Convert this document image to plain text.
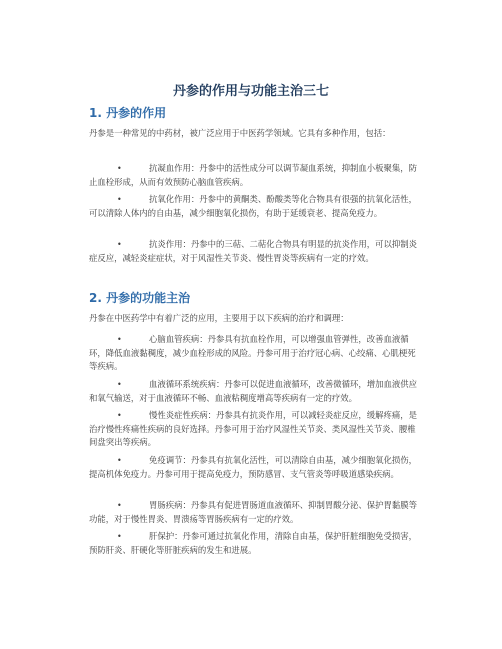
丹参的作用与功能主治三七
1. 丹参的作用

丹参是一种常见的中药材，被广泛应用于中医药学领域。它具有多种作用，包括：

•	抗凝血作用：丹参中的活性成分可以调节凝血系统，抑制血小板聚集，防止血栓形成，从而有效预防心脑血管疾病。
•	抗氧化作用：丹参中的黄酮类、酚酸类等化合物具有很强的抗氧化活性，可以清除人体内的自由基，减少细胞氧化损伤，有助于延缓衰老、提高免疫力。
•	抗炎作用：丹参中的三萜、二萜化合物具有明显的抗炎作用，可以抑制炎症反应，减轻炎症症状，对于风湿性关节炎、慢性胃炎等疾病有一定的疗效。
2. 丹参的功能主治

丹参在中医药学中有着广泛的应用，主要用于以下疾病的治疗和调理：

•	心脑血管疾病：丹参具有抗血栓作用，可以增强血管弹性，改善血液循环，降低血液黏稠度，减少血栓形成的风险。丹参可用于治疗冠心病、心绞痛、心肌梗死等疾病。
•	血液循环系统疾病：丹参可以促进血液循环，改善微循环，增加血液供应和氧气输送，对于血液循环不畅、血液粘稠度增高等疾病有一定的疗效。
•	慢性炎症性疾病：丹参具有抗炎作用，可以减轻炎症反应，缓解疼痛，是治疗慢性疼痛性疾病的良好选择。丹参可用于治疗风湿性关节炎、类风湿性关节炎、腰椎间盘突出等疾病。
•	免疫调节：丹参具有抗氧化活性，可以清除自由基，减少细胞氧化损伤，提高机体免疫力。丹参可用于提高免疫力，预防感冒、支气管炎等呼吸道感染疾病。
•	胃肠疾病：丹参具有促进胃肠道血液循环、抑制胃酸分泌、保护胃黏膜等功能，对于慢性胃炎、胃溃疡等胃肠疾病有一定的疗效。
•	肝保护：丹参可通过抗氧化作用，清除自由基，保护肝脏细胞免受损害，预防肝炎、肝硬化等肝脏疾病的发生和进展。
